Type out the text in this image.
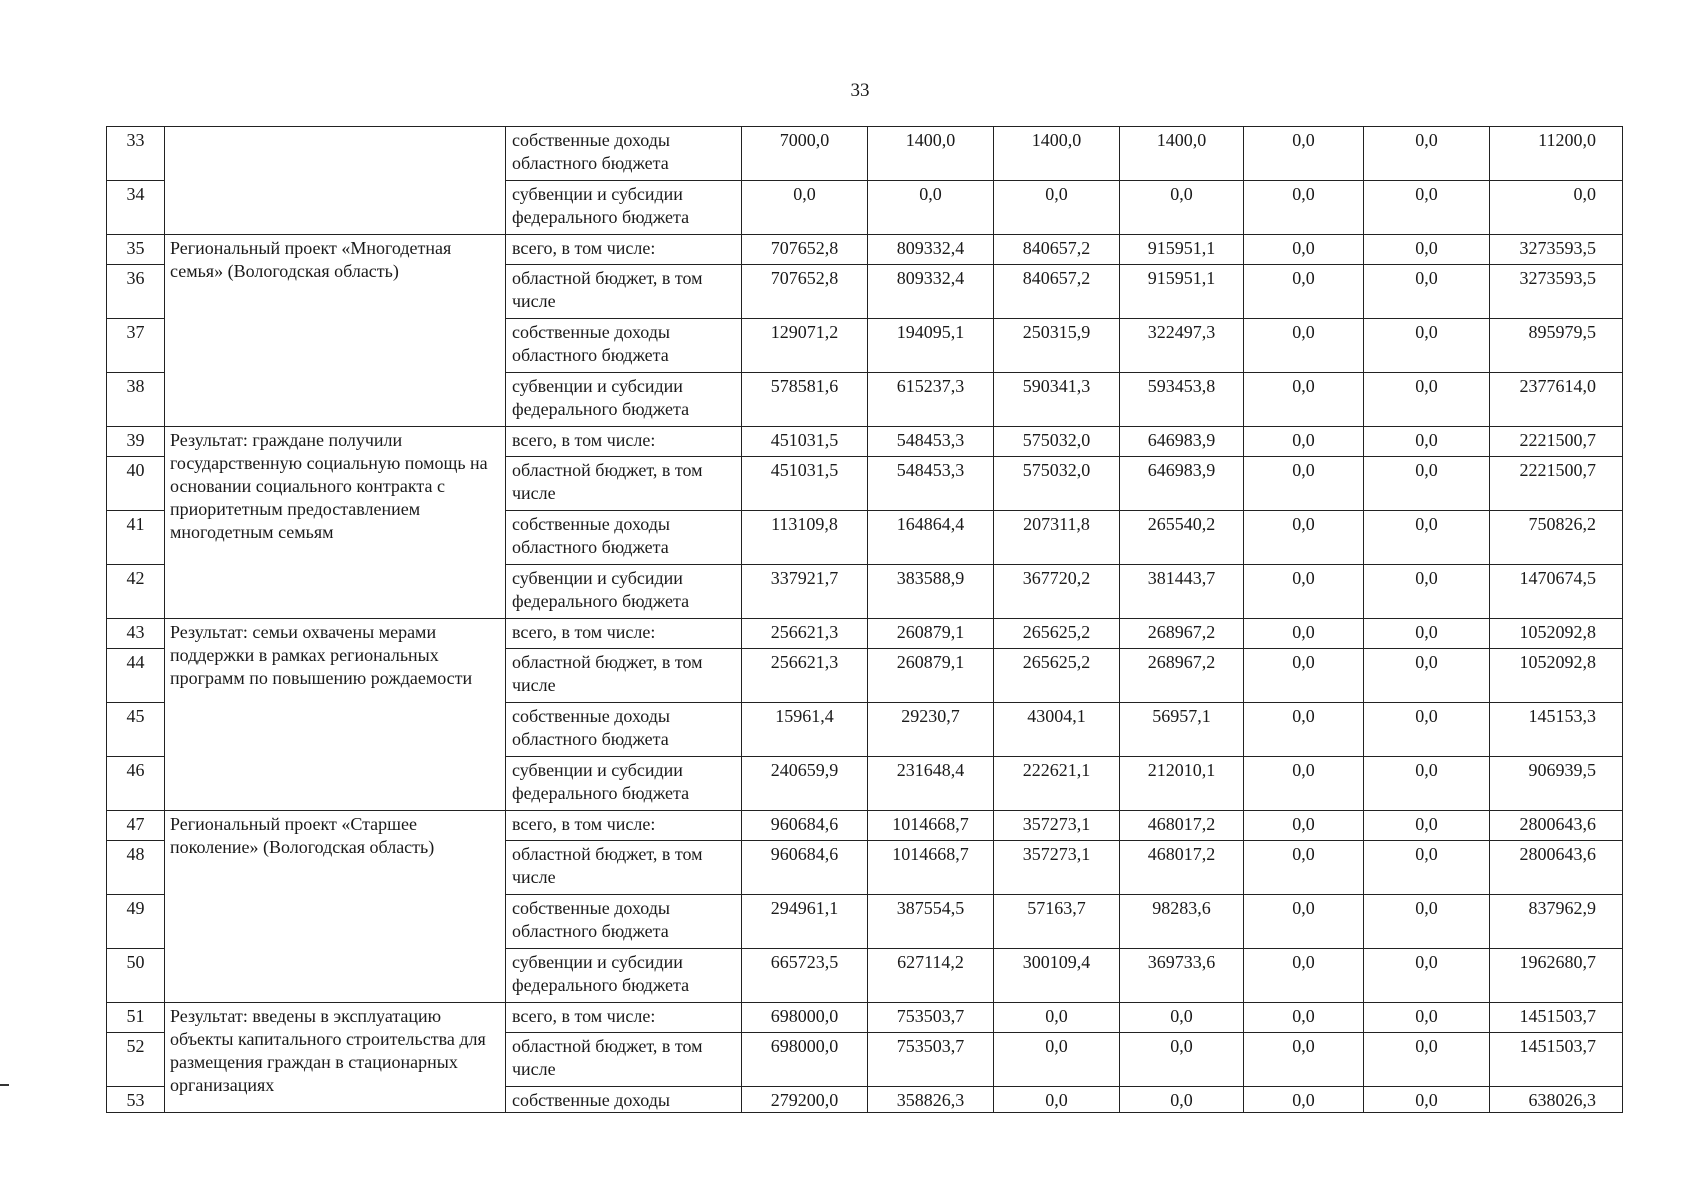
33
33		собственные доходы областного бюджета	7000,0	1400,0	1400,0	1400,0	0,0	0,0	11200,0
34		субвенции и субсидии федерального бюджета	0,0	0,0	0,0	0,0	0,0	0,0	0,0
35	Региональный проект «Многодетная семья» (Вологодская область)	всего, в том числе:	707652,8	809332,4	840657,2	915951,1	0,0	0,0	3273593,5
36		областной бюджет, в том числе	707652,8	809332,4	840657,2	915951,1	0,0	0,0	3273593,5
37		собственные доходы областного бюджета	129071,2	194095,1	250315,9	322497,3	0,0	0,0	895979,5
38		субвенции и субсидии федерального бюджета	578581,6	615237,3	590341,3	593453,8	0,0	0,0	2377614,0
39	Результат: граждане получили государственную социальную помощь на основании социального контракта с приоритетным предоставлением многодетным семьям	всего, в том числе:	451031,5	548453,3	575032,0	646983,9	0,0	0,0	2221500,7
40		областной бюджет, в том числе	451031,5	548453,3	575032,0	646983,9	0,0	0,0	2221500,7
41		собственные доходы областного бюджета	113109,8	164864,4	207311,8	265540,2	0,0	0,0	750826,2
42		субвенции и субсидии федерального бюджета	337921,7	383588,9	367720,2	381443,7	0,0	0,0	1470674,5
43	Результат: семьи охвачены мерами поддержки в рамках региональных программ по повышению рождаемости	всего, в том числе:	256621,3	260879,1	265625,2	268967,2	0,0	0,0	1052092,8
44		областной бюджет, в том числе	256621,3	260879,1	265625,2	268967,2	0,0	0,0	1052092,8
45		собственные доходы областного бюджета	15961,4	29230,7	43004,1	56957,1	0,0	0,0	145153,3
46		субвенции и субсидии федерального бюджета	240659,9	231648,4	222621,1	212010,1	0,0	0,0	906939,5
47	Региональный проект «Старшее поколение» (Вологодская область)	всего, в том числе:	960684,6	1014668,7	357273,1	468017,2	0,0	0,0	2800643,6
48		областной бюджет, в том числе	960684,6	1014668,7	357273,1	468017,2	0,0	0,0	2800643,6
49		собственные доходы областного бюджета	294961,1	387554,5	57163,7	98283,6	0,0	0,0	837962,9
50		субвенции и субсидии федерального бюджета	665723,5	627114,2	300109,4	369733,6	0,0	0,0	1962680,7
51	Результат: введены в эксплуатацию объекты капитального строительства для размещения граждан в стационарных организациях	всего, в том числе:	698000,0	753503,7	0,0	0,0	0,0	0,0	1451503,7
52		областной бюджет, в том числе	698000,0	753503,7	0,0	0,0	0,0	0,0	1451503,7
53		собственные доходы	279200,0	358826,3	0,0	0,0	0,0	0,0	638026,3
